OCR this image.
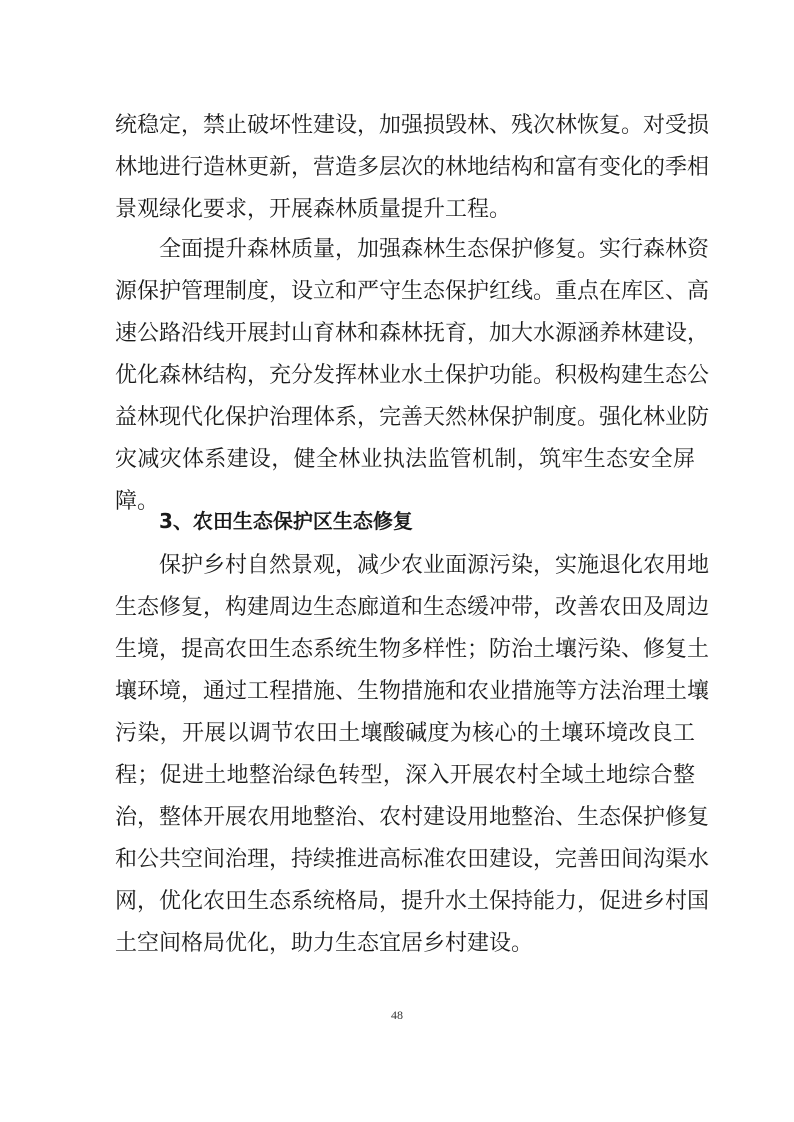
统稳定，禁止破坏性建设，加强损毁林、残次林恢复。对受损
林地进行造林更新，营造多层次的林地结构和富有变化的季相
景观绿化要求，开展森林质量提升工程。
全面提升森林质量，加强森林生态保护修复。实行森林资
源保护管理制度，设立和严守生态保护红线。重点在库区、高
速公路沿线开展封山育林和森林抚育，加大水源涵养林建设，
优化森林结构，充分发挥林业水土保护功能。积极构建生态公
益林现代化保护治理体系，完善天然林保护制度。强化林业防
灾减灾体系建设，健全林业执法监管机制，筑牢生态安全屏
障。
3、农田生态保护区生态修复
保护乡村自然景观，减少农业面源污染，实施退化农用地
生态修复，构建周边生态廊道和生态缓冲带，改善农田及周边
生境，提高农田生态系统生物多样性；防治土壤污染、修复土
壤环境，通过工程措施、生物措施和农业措施等方法治理土壤
污染，开展以调节农田土壤酸碱度为核心的土壤环境改良工
程；促进土地整治绿色转型，深入开展农村全域土地综合整
治，整体开展农用地整治、农村建设用地整治、生态保护修复
和公共空间治理，持续推进高标准农田建设，完善田间沟渠水
网，优化农田生态系统格局，提升水土保持能力，促进乡村国
土空间格局优化，助力生态宜居乡村建设。
48
